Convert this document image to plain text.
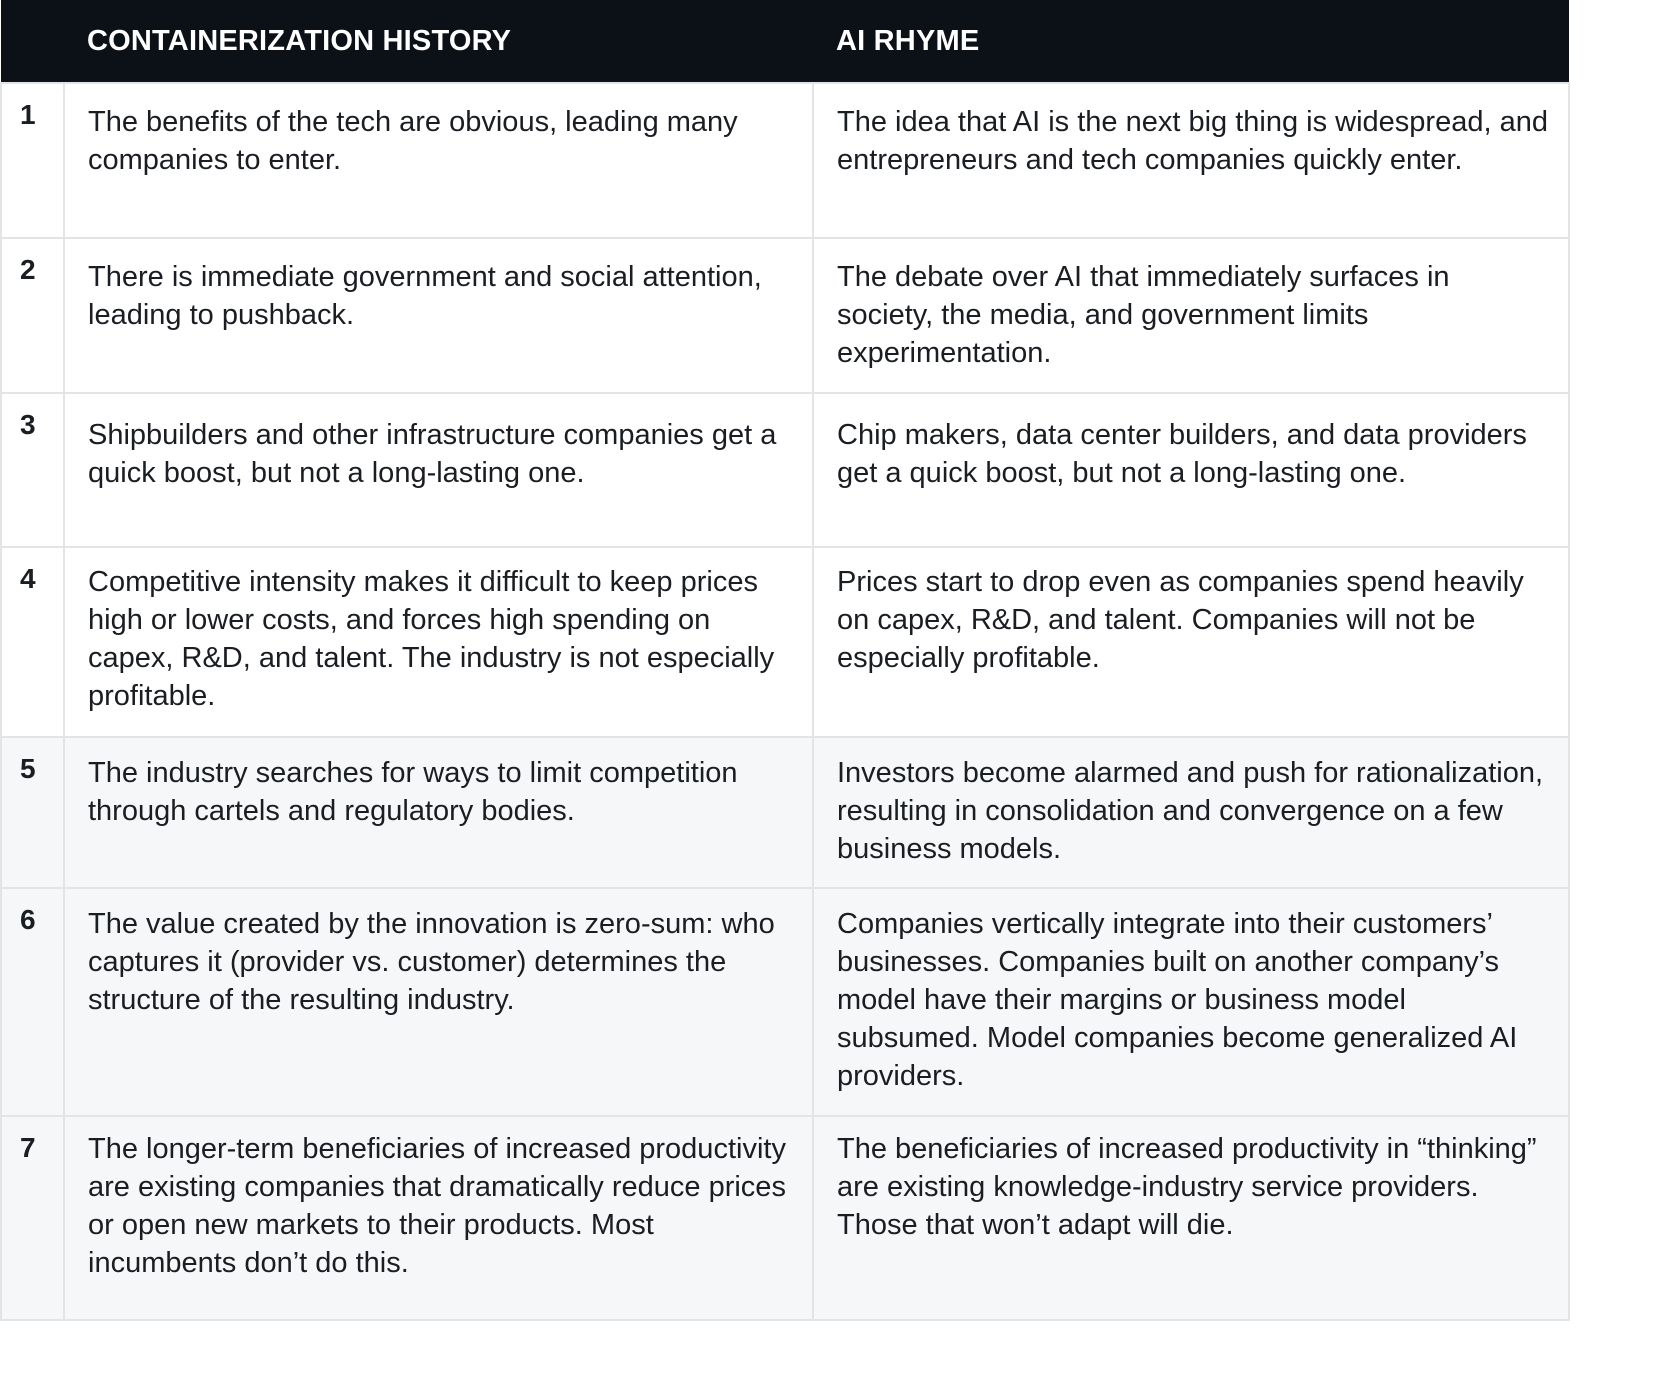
	CONTAINERIZATION HISTORY	AI RHYME
1	The benefits of the tech are obvious, leading many companies to enter.	The idea that AI is the next big thing is widespread, and entrepreneurs and tech companies quickly enter.
2	There is immediate government and social attention, leading to pushback.	The debate over AI that immediately surfaces in society, the media, and government limits experimentation.
3	Shipbuilders and other infrastructure companies get a quick boost, but not a long-lasting one.	Chip makers, data center builders, and data providers get a quick boost, but not a long-lasting one.
4	Competitive intensity makes it difficult to keep prices high or lower costs, and forces high spending on capex, R&D, and talent. The industry is not especially profitable.	Prices start to drop even as companies spend heavily on capex, R&D, and talent. Companies will not be especially profitable.
5	The industry searches for ways to limit competition through cartels and regulatory bodies.	Investors become alarmed and push for rationalization, resulting in consolidation and convergence on a few business models.
6	The value created by the innovation is zero-sum: who captures it (provider vs. customer) determines the structure of the resulting industry.	Companies vertically integrate into their customers’ businesses. Companies built on another company’s model have their margins or business model subsumed. Model companies become generalized AI providers.
7	The longer-term beneficiaries of increased productivity are existing companies that dramatically reduce prices or open new markets to their products. Most incumbents don’t do this.	The beneficiaries of increased productivity in “thinking” are existing knowledge-industry service providers. Those that won’t adapt will die.
